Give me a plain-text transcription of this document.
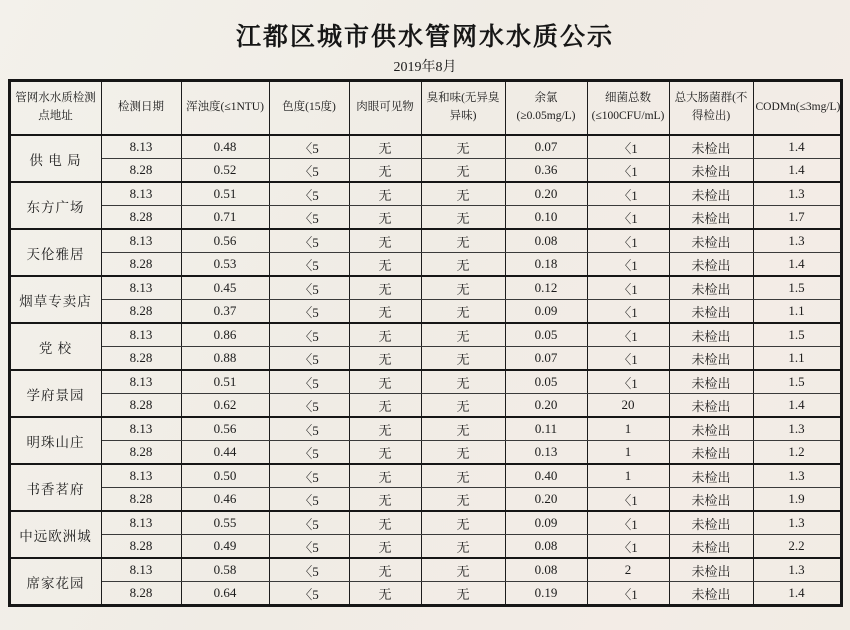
江都区城市供水管网水水质公示
2019年8月
管网水水质检测点地址	检测日期	浑浊度(≤1NTU)	色度(15度)	肉眼可见物	臭和味(无异臭异味)	余氯(≥0.05mg/L)	细菌总数(≤100CFU/mL)	总大肠菌群(不得检出)	CODMn(≤3mg/L)
供 电 局	8.13	0.48	〈5	无	无	0.07	〈1	未检出	1.4
	8.28	0.52	〈5	无	无	0.36	〈1	未检出	1.4
东方广场	8.13	0.51	〈5	无	无	0.20	〈1	未检出	1.3
	8.28	0.71	〈5	无	无	0.10	〈1	未检出	1.7
天伦雅居	8.13	0.56	〈5	无	无	0.08	〈1	未检出	1.3
	8.28	0.53	〈5	无	无	0.18	〈1	未检出	1.4
烟草专卖店	8.13	0.45	〈5	无	无	0.12	〈1	未检出	1.5
	8.28	0.37	〈5	无	无	0.09	〈1	未检出	1.1
党 校	8.13	0.86	〈5	无	无	0.05	〈1	未检出	1.5
	8.28	0.88	〈5	无	无	0.07	〈1	未检出	1.1
学府景园	8.13	0.51	〈5	无	无	0.05	〈1	未检出	1.5
	8.28	0.62	〈5	无	无	0.20	20	未检出	1.4
明珠山庄	8.13	0.56	〈5	无	无	0.11	1	未检出	1.3
	8.28	0.44	〈5	无	无	0.13	1	未检出	1.2
书香茗府	8.13	0.50	〈5	无	无	0.40	1	未检出	1.3
	8.28	0.46	〈5	无	无	0.20	〈1	未检出	1.9
中远欧洲城	8.13	0.55	〈5	无	无	0.09	〈1	未检出	1.3
	8.28	0.49	〈5	无	无	0.08	〈1	未检出	2.2
席家花园	8.13	0.58	〈5	无	无	0.08	2	未检出	1.3
	8.28	0.64	〈5	无	无	0.19	〈1	未检出	1.4
